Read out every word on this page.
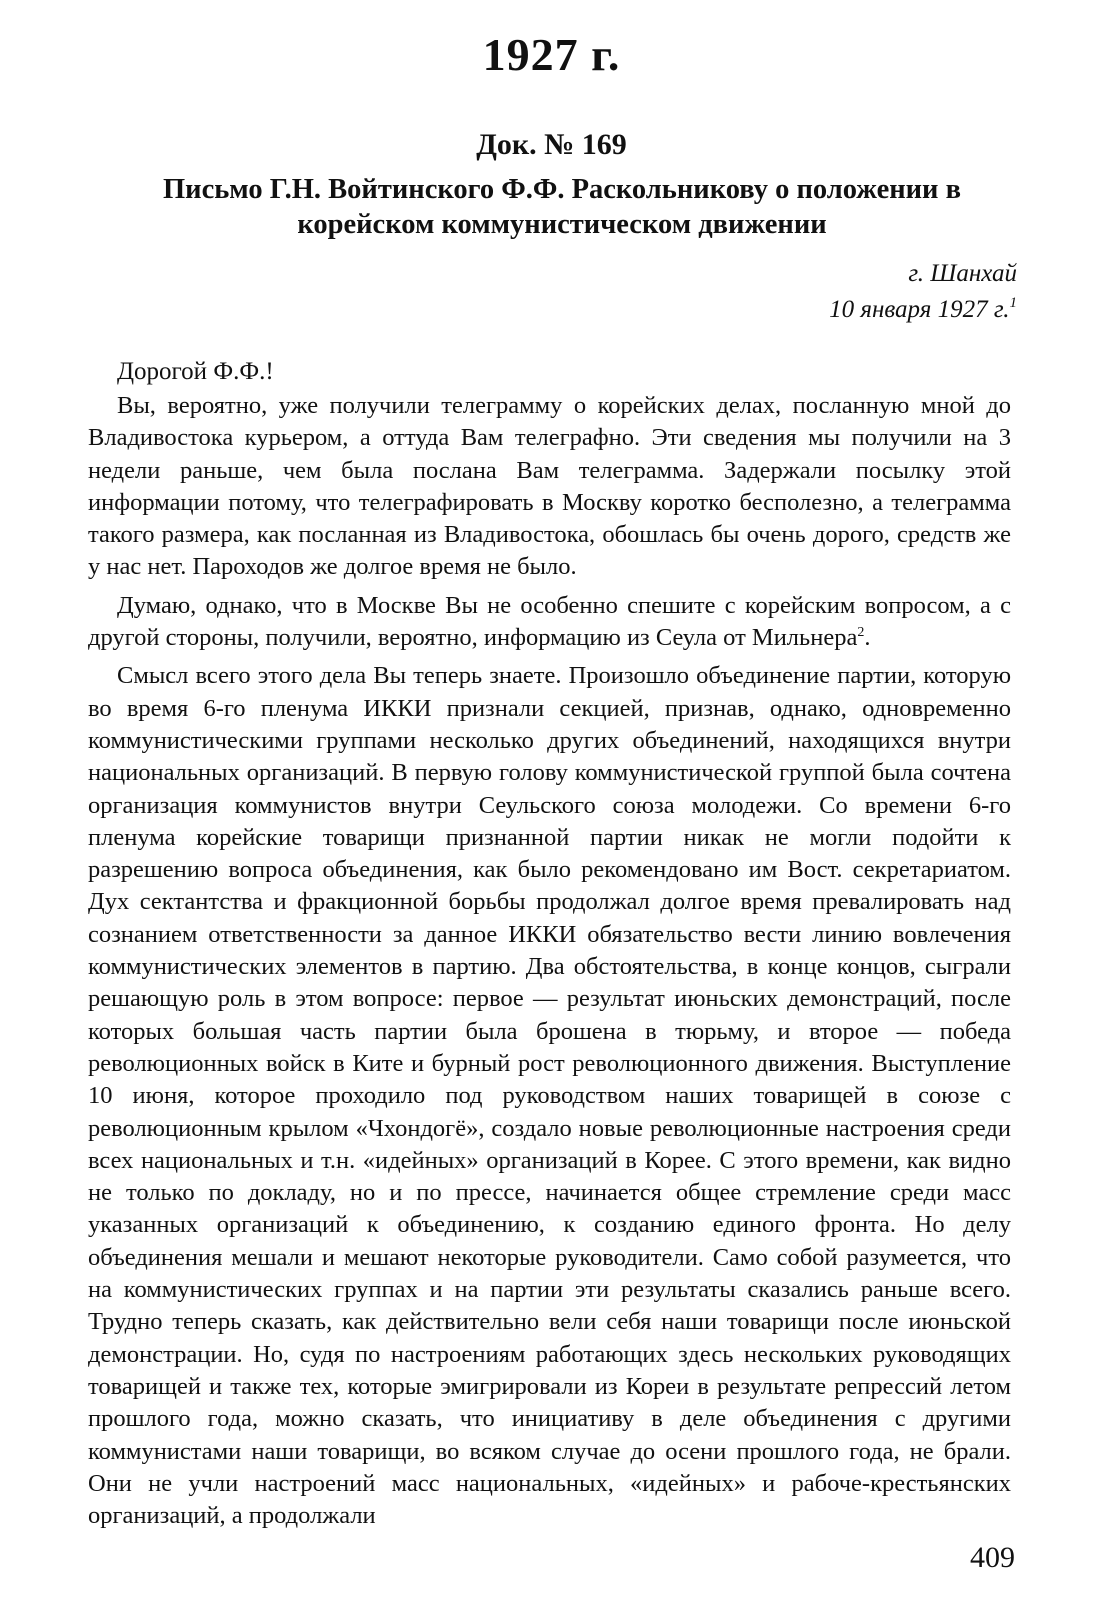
1927 г.
Док. № 169
Письмо Г.Н. Войтинского Ф.Ф. Раскольникову о положении в корейском коммунистическом движении
г. Шанхай
10 января 1927 г.$^1$
Дорогой Ф.Ф.!

Вы, вероятно, уже получили телеграмму о корейских делах, посланную мной до Владивостока курьером, а оттуда Вам телеграфно. Эти сведения мы получили на 3 недели раньше, чем была послана Вам телеграмма. Задержали посылку этой информации потому, что телеграфировать в Москву коротко бесполезно, а телеграмма такого размера, как посланная из Владивостока, обошлась бы очень дорого, средств же у нас нет. Пароходов же долгое время не было.

Думаю, однако, что в Москве Вы не особенно спешите с корейским вопросом, а с другой стороны, получили, вероятно, информацию из Сеула от Мильнера$^2$.

Смысл всего этого дела Вы теперь знаете. Произошло объединение партии, которую во время 6-го пленума ИККИ признали секцией, признав, однако, одновременно коммунистическими группами несколько других объединений, находящихся внутри национальных организаций. В первую голову коммунистической группой была сочтена организация коммунистов внутри Сеульского союза молодежи. Со времени 6-го пленума корейские товарищи признанной партии никак не могли подойти к разрешению вопроса объединения, как было рекомендовано им Вост. секретариатом. Дух сектантства и фракционной борьбы продолжал долгое время превалировать над сознанием ответственности за данное ИККИ обязательство вести линию вовлечения коммунистических элементов в партию. Два обстоятельства, в конце концов, сыграли решающую роль в этом вопросе: первое — результат июньских демонстраций, после которых большая часть партии была брошена в тюрьму, и второе — победа революционных войск в Ките и бурный рост революционного движения. Выступление 10 июня, которое проходило под руководством наших товарищей в союзе с революционным крылом «Чхондогё», создало новые революционные настроения среди всех национальных и т.н. «идейных» организаций в Корее. С этого времени, как видно не только по докладу, но и по прессе, начинается общее стремление среди масс указанных организаций к объединению, к созданию единого фронта. Но делу объединения мешали и мешают некоторые руководители. Само собой разумеется, что на коммунистических группах и на партии эти результаты сказались раньше всего. Трудно теперь сказать, как действительно вели себя наши товарищи после июньской демонстрации. Но, судя по настроениям работающих здесь нескольких руководящих товарищей и также тех, которые эмигрировали из Кореи в результате репрессий летом прошлого года, можно сказать, что инициативу в деле объединения с другими коммунистами наши товарищи, во всяком случае до осени прошлого года, не брали. Они не учли настроений масс национальных, «идейных» и рабоче-крестьянских организаций, а продолжали

409
